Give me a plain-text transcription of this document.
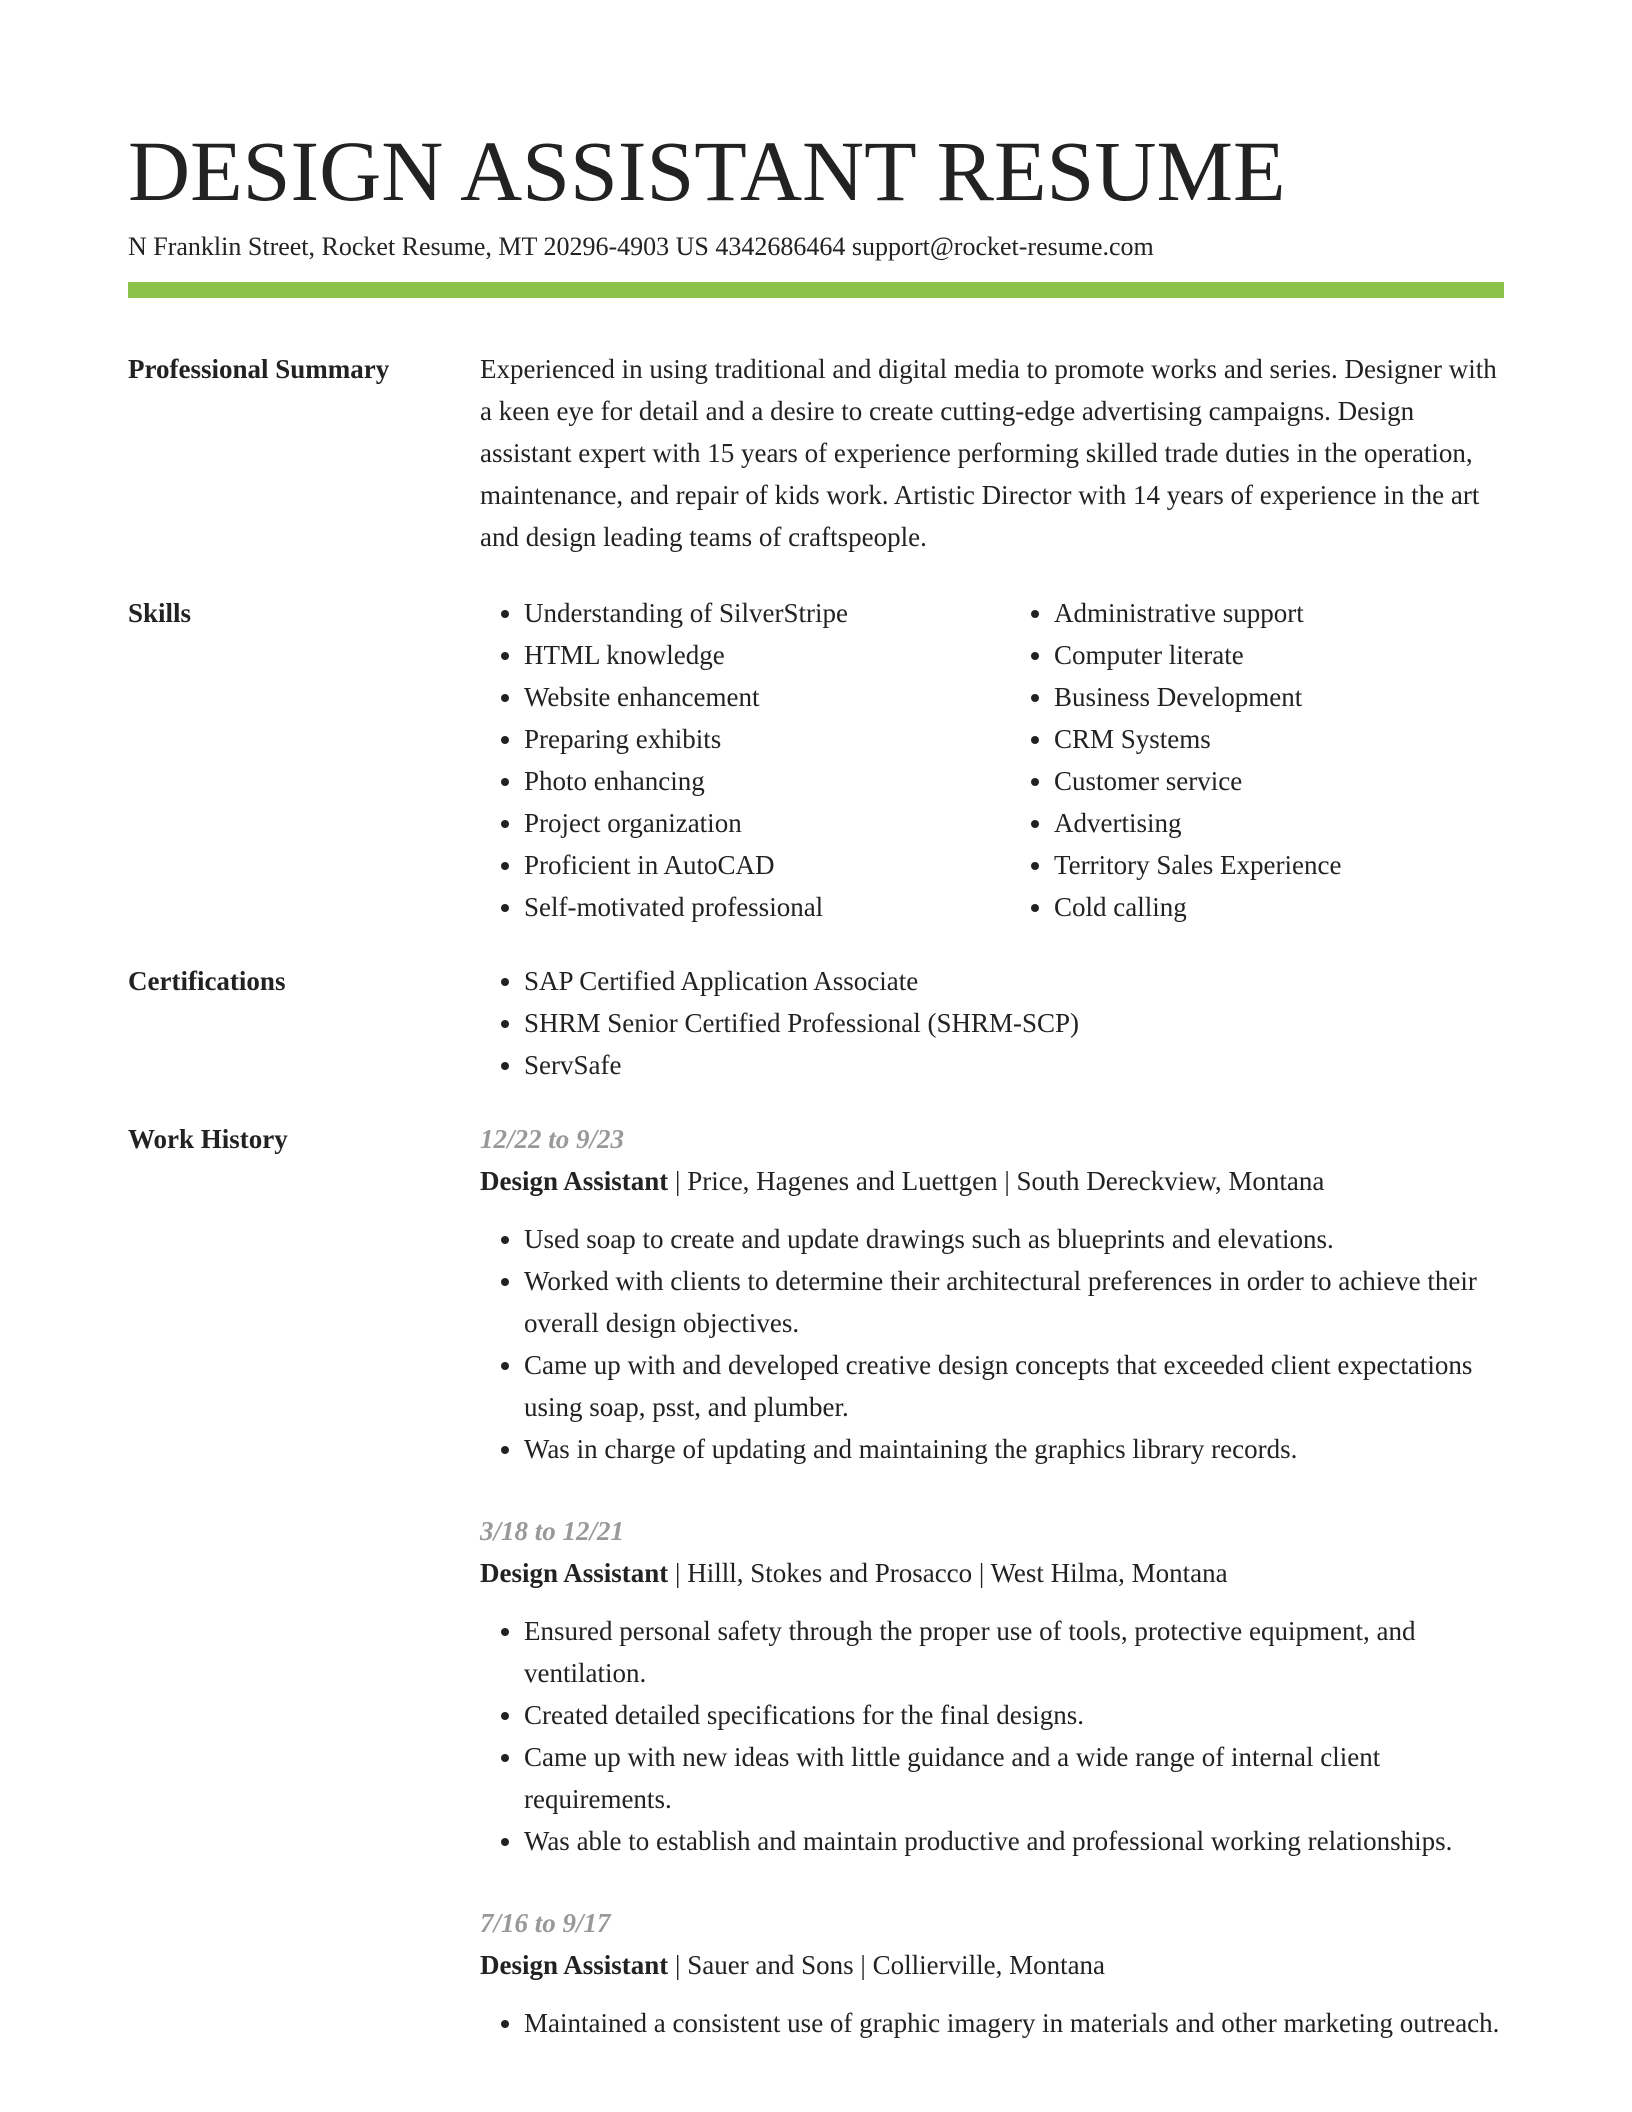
DESIGN ASSISTANT RESUME
N Franklin Street, Rocket Resume, MT 20296-4903 US 4342686464 support@rocket-resume.com
Professional Summary	Experienced in using traditional and digital media to promote works and series. Designer with a keen eye for detail and a desire to create cutting-edge advertising campaigns. Design assistant expert with 15 years of experience performing skilled trade duties in the operation, maintenance, and repair of kids work. Artistic Director with 14 years of experience in the art and design leading teams of craftspeople.
Skills	• Understanding of SilverStripe
• HTML knowledge
• Website enhancement
• Preparing exhibits
• Photo enhancing
• Project organization
• Proficient in AutoCAD
• Self-motivated professional
• Administrative support
• Computer literate
• Business Development
• CRM Systems
• Customer service
• Advertising
• Territory Sales Experience
• Cold calling
Certifications	• SAP Certified Application Associate
• SHRM Senior Certified Professional (SHRM-SCP)
• ServSafe
Work History	12/22 to 9/23
Design Assistant | Price, Hagenes and Luettgen | South Dereckview, Montana
• Used soap to create and update drawings such as blueprints and elevations.
• Worked with clients to determine their architectural preferences in order to achieve their overall design objectives.
• Came up with and developed creative design concepts that exceeded client expectations using soap, psst, and plumber.
• Was in charge of updating and maintaining the graphics library records.
3/18 to 12/21
Design Assistant | Hilll, Stokes and Prosacco | West Hilma, Montana
• Ensured personal safety through the proper use of tools, protective equipment, and ventilation.
• Created detailed specifications for the final designs.
• Came up with new ideas with little guidance and a wide range of internal client requirements.
• Was able to establish and maintain productive and professional working relationships.
7/16 to 9/17
Design Assistant | Sauer and Sons | Collierville, Montana
• Maintained a consistent use of graphic imagery in materials and other marketing outreach.
